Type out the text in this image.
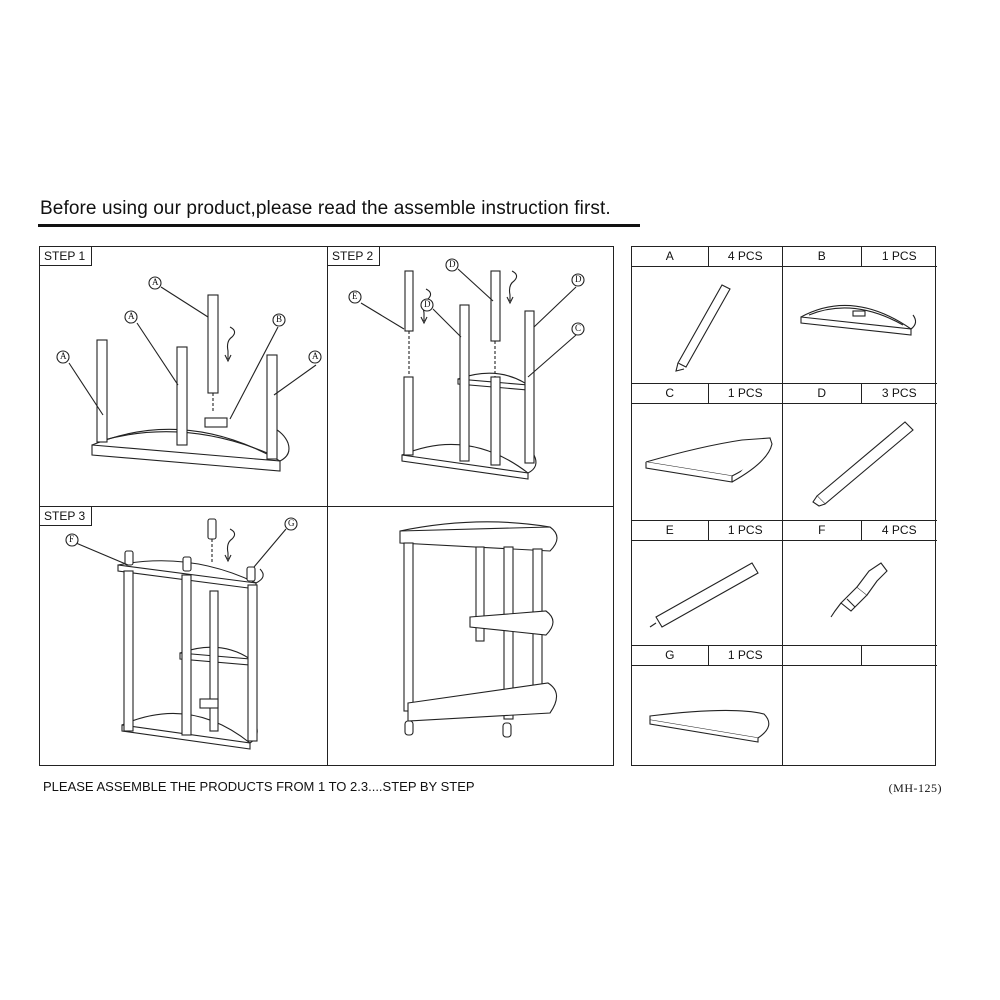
Before using our product,please read the assemble instruction first.
STEP 1
A
A
A	A
B
STEP 2
E
D
D
D
C
STEP 3
F
G
A	4 PCS	B	1 PCS
C	1 PCS	D	3 PCS
E	1 PCS	F	4 PCS
G	1 PCS
PLEASE ASSEMBLE THE PRODUCTS FROM 1 TO 2.3....STEP BY STEP	(MH-125)
